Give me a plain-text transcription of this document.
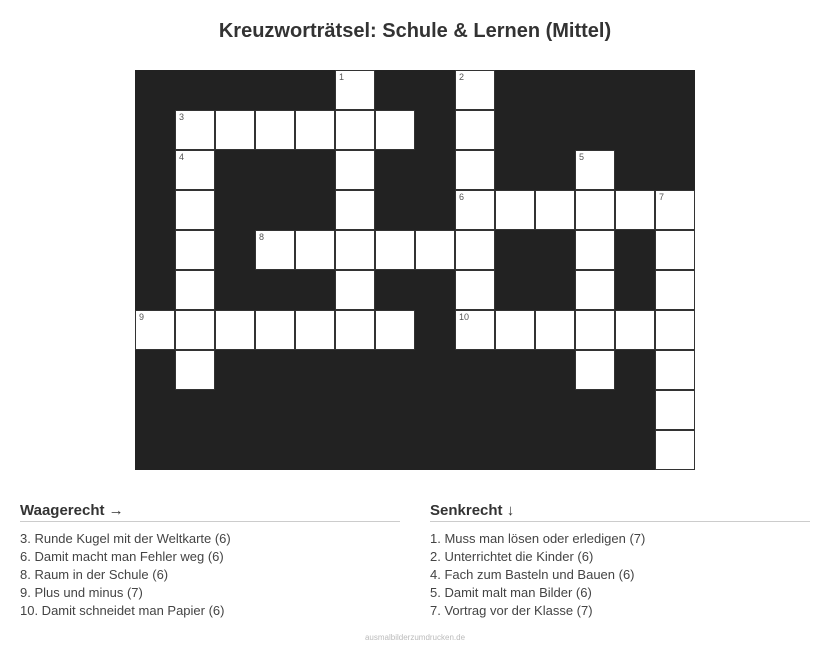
Kreuzworträtsel: Schule & Lernen (Mittel)
1	2
3
4	5
6	7
8
9	10
Waagerecht →
3. Runde Kugel mit der Weltkarte (6)
6. Damit macht man Fehler weg (6)
8. Raum in der Schule (6)
9. Plus und minus (7)
10. Damit schneidet man Papier (6)
Senkrecht ↓
1. Muss man lösen oder erledigen (7)
2. Unterrichtet die Kinder (6)
4. Fach zum Basteln und Bauen (6)
5. Damit malt man Bilder (6)
7. Vortrag vor der Klasse (7)
ausmalbilderzumdrucken.de
